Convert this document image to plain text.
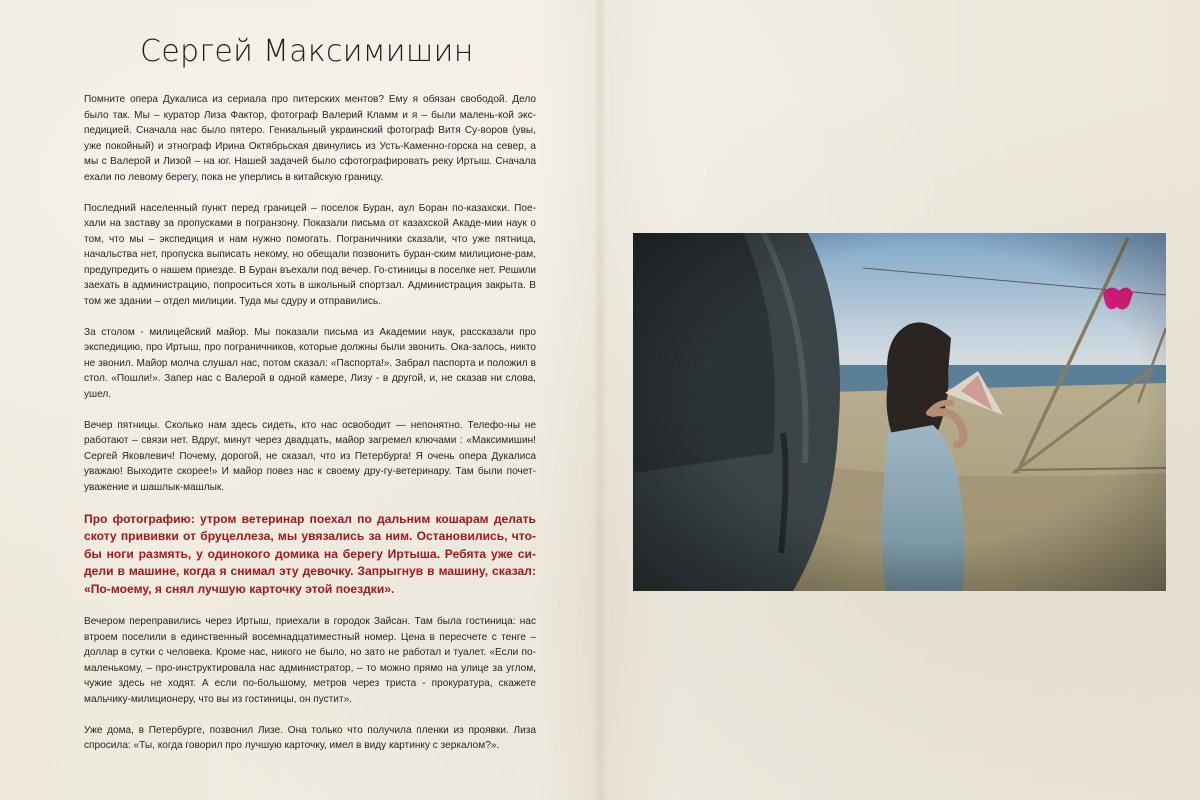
Сергей Максимишин

Помните опера Дукалиса из сериала про питерских ментов? Ему я обязан свободой. Дело было так. Мы – куратор Лиза Фактор, фотограф Валерий Кламм и я – были малень-кой экс-педицией. Сначала нас было пятеро. Гениальный украинский фотограф Витя Су-воров (увы, уже покойный) и этнограф Ирина Октябрьская двинулись из Усть-Каменно-горска на север, а мы с Валерой и Лизой – на юг. Нашей задачей было сфотографировать реку Иртыш. Сначала ехали по левому берегу, пока не уперлись в китайскую границу.

Последний населенный пункт перед границей – поселок Буран, аул Боран по-казахски. Пое-хали на заставу за пропусками в погранзону. Показали письма от казахской Акаде-мии наук о том, что мы – экспедиция и нам нужно помогать. Пограничники сказали, что уже пятница, начальства нет, пропуска выписать некому, но обещали позвонить буран-ским милиционе-рам, предупредить о нашем приезде. В Буран въехали под вечер. Го-стиницы в поселке нет. Решили заехать в администрацию, попроситься хоть в школьный спортзал. Администрация закрыта. В том же здании – отдел милиции. Туда мы сдуру и отправились.

За столом - милицейский майор. Мы показали письма из Академии наук, рассказали про экспедицию, про Иртыш, про пограничников, которые должны были звонить. Ока-залось, никто не звонил. Майор молча слушал нас, потом сказал: «Паспорта!». Забрал паспорта и положил в стол. «Пошли!». Запер нас с Валерой в одной камере, Лизу - в другой, и, не сказав ни слова, ушел.

Вечер пятницы. Сколько нам здесь сидеть, кто нас освободит — непонятно. Телефо-ны не работают – связи нет. Вдруг, минут через двадцать, майор загремел ключами : «Максимишин! Сергей Яковлевич! Почему, дорогой, не сказал, что из Петербурга! Я очень опера Дукалиса уважаю! Выходите скорее!» И майор повез нас к своему дру-гу-ветеринару. Там были почет-уважение и шашлык-машлык.

Про фотографию: утром ветеринар поехал по дальним кошарам делать скоту прививки от бруцеллеза, мы увязались за ним. Остановились, что-бы ноги размять, у одинокого домика на берегу Иртыша. Ребята уже си-дели в машине, когда я снимал эту девочку. Запрыгнув в машину, сказал: «По-моему, я снял лучшую карточку этой поездки».

Вечером переправились через Иртыш, приехали в городок Зайсан. Там была гостиница: нас втроем поселили в единственный восемнадцатиместный номер. Цена в пересчете с тенге – доллар в сутки с человека. Кроме нас, никого не было, но зато не работал и туалет. «Если по-маленькому, – про-инструктировала нас администратор, – то можно прямо на улице за углом, чужие здесь не ходят. А если по-большому, метров через триста - прокуратура, скажете мальчику-милиционеру, что вы из гостиницы, он пустит».

Уже дома, в Петербурге, позвонил Лизе. Она только что получила пленки из проявки. Лиза спросила: «Ты, когда говорил про лучшую карточку, имел в виду картинку с зеркалом?».
